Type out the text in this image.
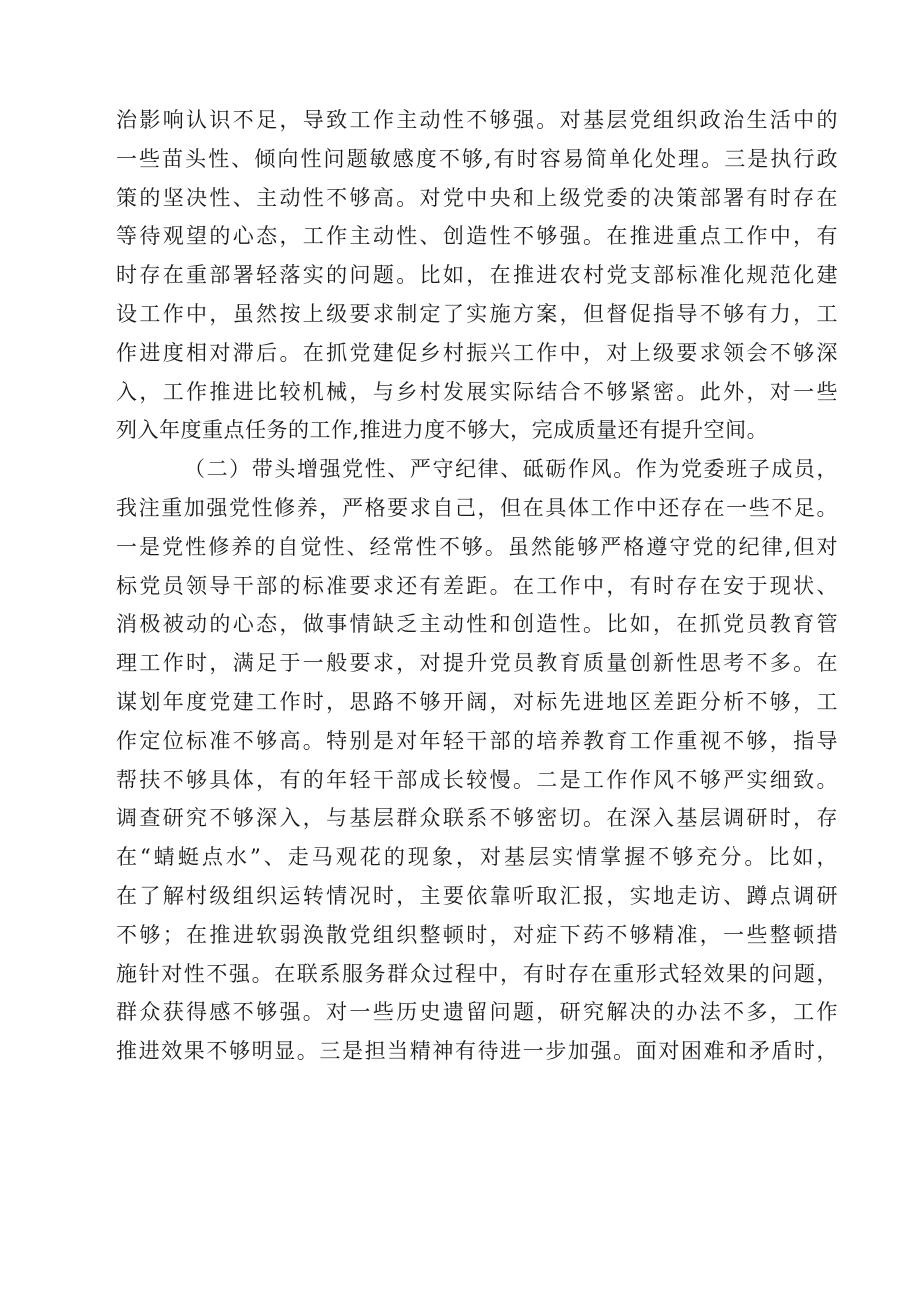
治影响认识不足，导致工作主动性不够强。对基层党组织政治生活中的
一些苗头性、倾向性问题敏感度不够,有时容易简单化处理。三是执行政
策的坚决性、主动性不够高。对党中央和上级党委的决策部署有时存在
等待观望的心态，工作主动性、创造性不够强。在推进重点工作中，有
时存在重部署轻落实的问题。比如，在推进农村党支部标准化规范化建
设工作中，虽然按上级要求制定了实施方案，但督促指导不够有力，工
作进度相对滞后。在抓党建促乡村振兴工作中，对上级要求领会不够深
入，工作推进比较机械，与乡村发展实际结合不够紧密。此外，对一些
列入年度重点任务的工作,推进力度不够大，完成质量还有提升空间。
（二）带头增强党性、严守纪律、砥砺作风。作为党委班子成员，
我注重加强党性修养，严格要求自己，但在具体工作中还存在一些不足。
一是党性修养的自觉性、经常性不够。虽然能够严格遵守党的纪律,但对
标党员领导干部的标准要求还有差距。在工作中，有时存在安于现状、
消极被动的心态，做事情缺乏主动性和创造性。比如，在抓党员教育管
理工作时，满足于一般要求，对提升党员教育质量创新性思考不多。在
谋划年度党建工作时，思路不够开阔，对标先进地区差距分析不够，工
作定位标准不够高。特别是对年轻干部的培养教育工作重视不够，指导
帮扶不够具体，有的年轻干部成长较慢。二是工作作风不够严实细致。
调查研究不够深入，与基层群众联系不够密切。在深入基层调研时，存
在“蜻蜓点水”、走马观花的现象，对基层实情掌握不够充分。比如，
在了解村级组织运转情况时，主要依靠听取汇报，实地走访、蹲点调研
不够；在推进软弱涣散党组织整顿时，对症下药不够精准，一些整顿措
施针对性不强。在联系服务群众过程中，有时存在重形式轻效果的问题，
群众获得感不够强。对一些历史遗留问题，研究解决的办法不多，工作
推进效果不够明显。三是担当精神有待进一步加强。面对困难和矛盾时，
